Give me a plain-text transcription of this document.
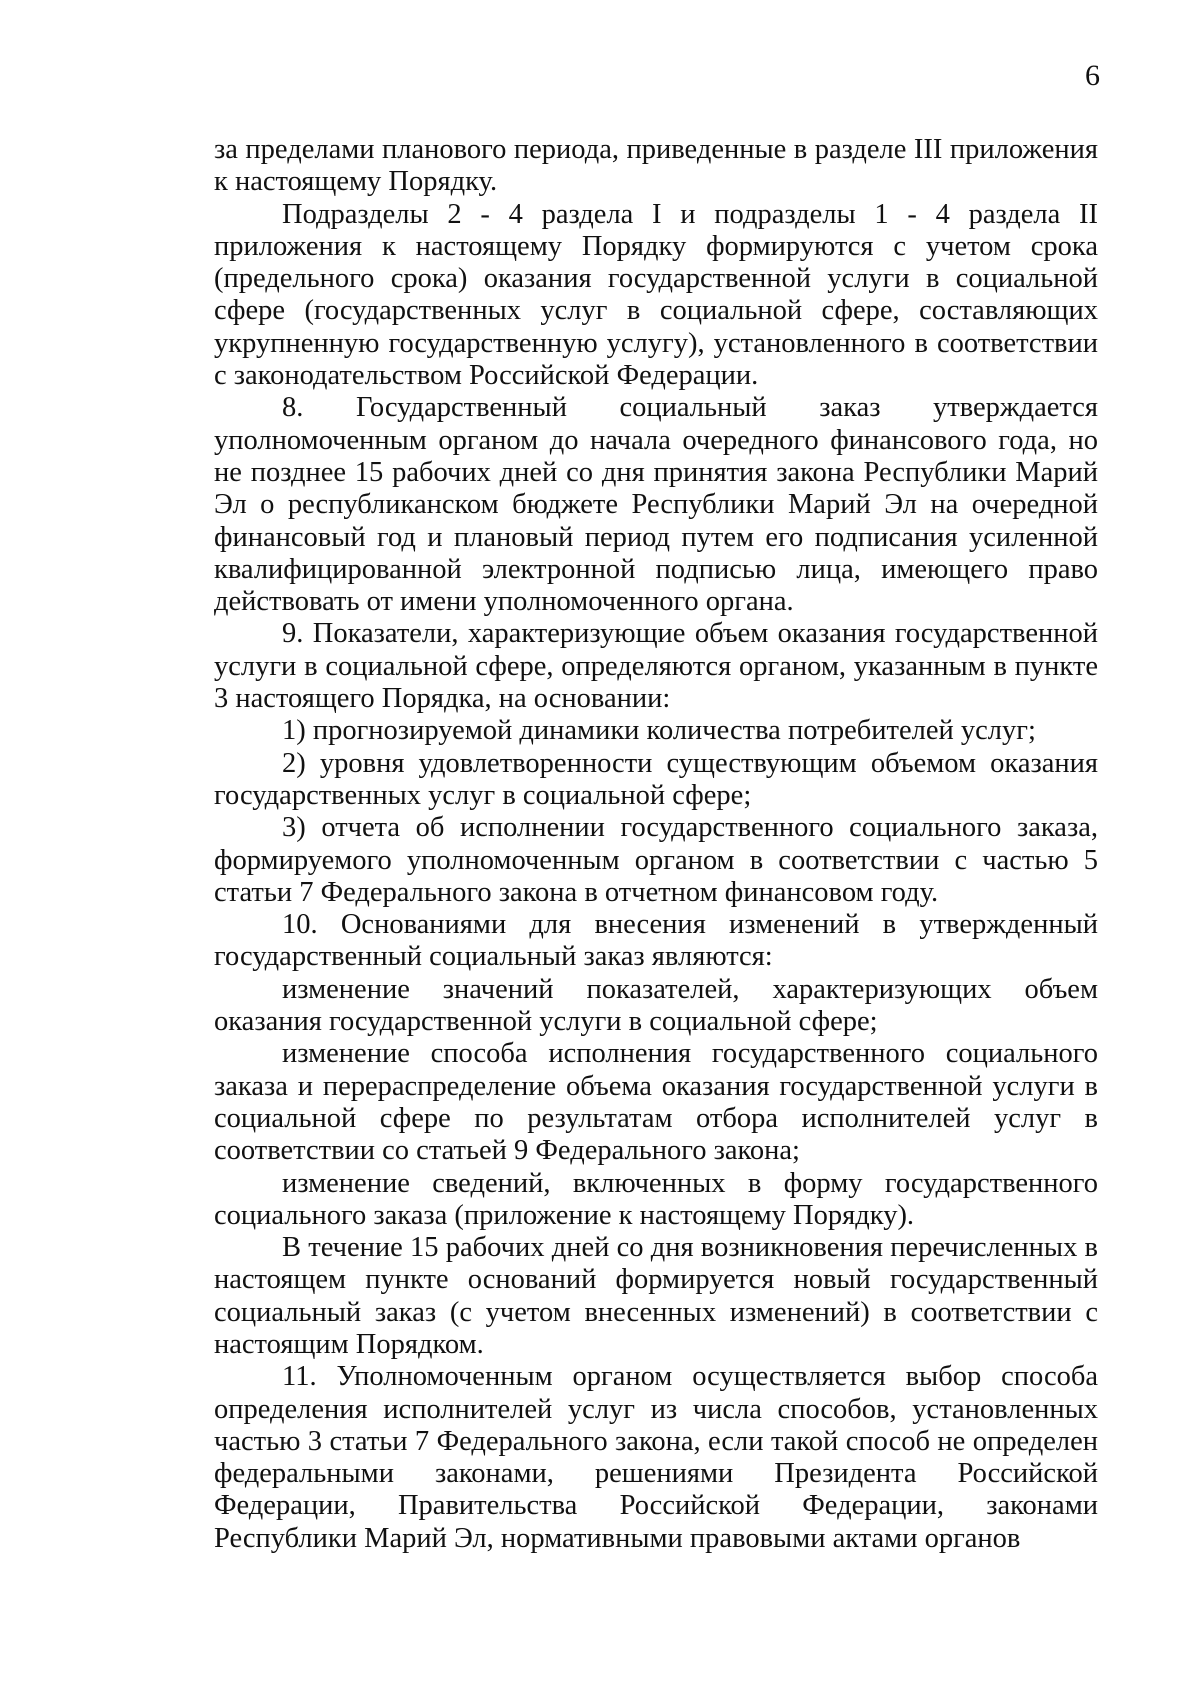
6

за пределами планового периода, приведенные в разделе III приложения к настоящему Порядку.

Подразделы 2 - 4 раздела I и подразделы 1 - 4 раздела II приложения к настоящему Порядку формируются с учетом срока (предельного срока) оказания государственной услуги в социальной сфере (государственных услуг в социальной сфере, составляющих укрупненную государственную услугу), установленного в соответствии с законодательством Российской Федерации.

8. Государственный социальный заказ утверждается уполномоченным органом до начала очередного финансового года, но не позднее 15 рабочих дней со дня принятия закона Республики Марий Эл о республиканском бюджете Республики Марий Эл на очередной финансовый год и плановый период путем его подписания усиленной квалифицированной электронной подписью лица, имеющего право действовать от имени уполномоченного органа.

9. Показатели, характеризующие объем оказания государственной услуги в социальной сфере, определяются органом, указанным в пункте 3 настоящего Порядка, на основании:

1) прогнозируемой динамики количества потребителей услуг;

2) уровня удовлетворенности существующим объемом оказания государственных услуг в социальной сфере;

3) отчета об исполнении государственного социального заказа, формируемого уполномоченным органом в соответствии с частью 5 статьи 7 Федерального закона в отчетном финансовом году.

10. Основаниями для внесения изменений в утвержденный государственный социальный заказ являются:

изменение значений показателей, характеризующих объем оказания государственной услуги в социальной сфере;

изменение способа исполнения государственного социального заказа и перераспределение объема оказания государственной услуги в социальной сфере по результатам отбора исполнителей услуг в соответствии со статьей 9 Федерального закона;

изменение сведений, включенных в форму государственного социального заказа (приложение к настоящему Порядку).

В течение 15 рабочих дней со дня возникновения перечисленных в настоящем пункте оснований формируется новый государственный социальный заказ (с учетом внесенных изменений) в соответствии с настоящим Порядком.

11. Уполномоченным органом осуществляется выбор способа определения исполнителей услуг из числа способов, установленных частью 3 статьи 7 Федерального закона, если такой способ не определен федеральными законами, решениями Президента Российской Федерации, Правительства Российской Федерации, законами Республики Марий Эл, нормативными правовыми актами органов
